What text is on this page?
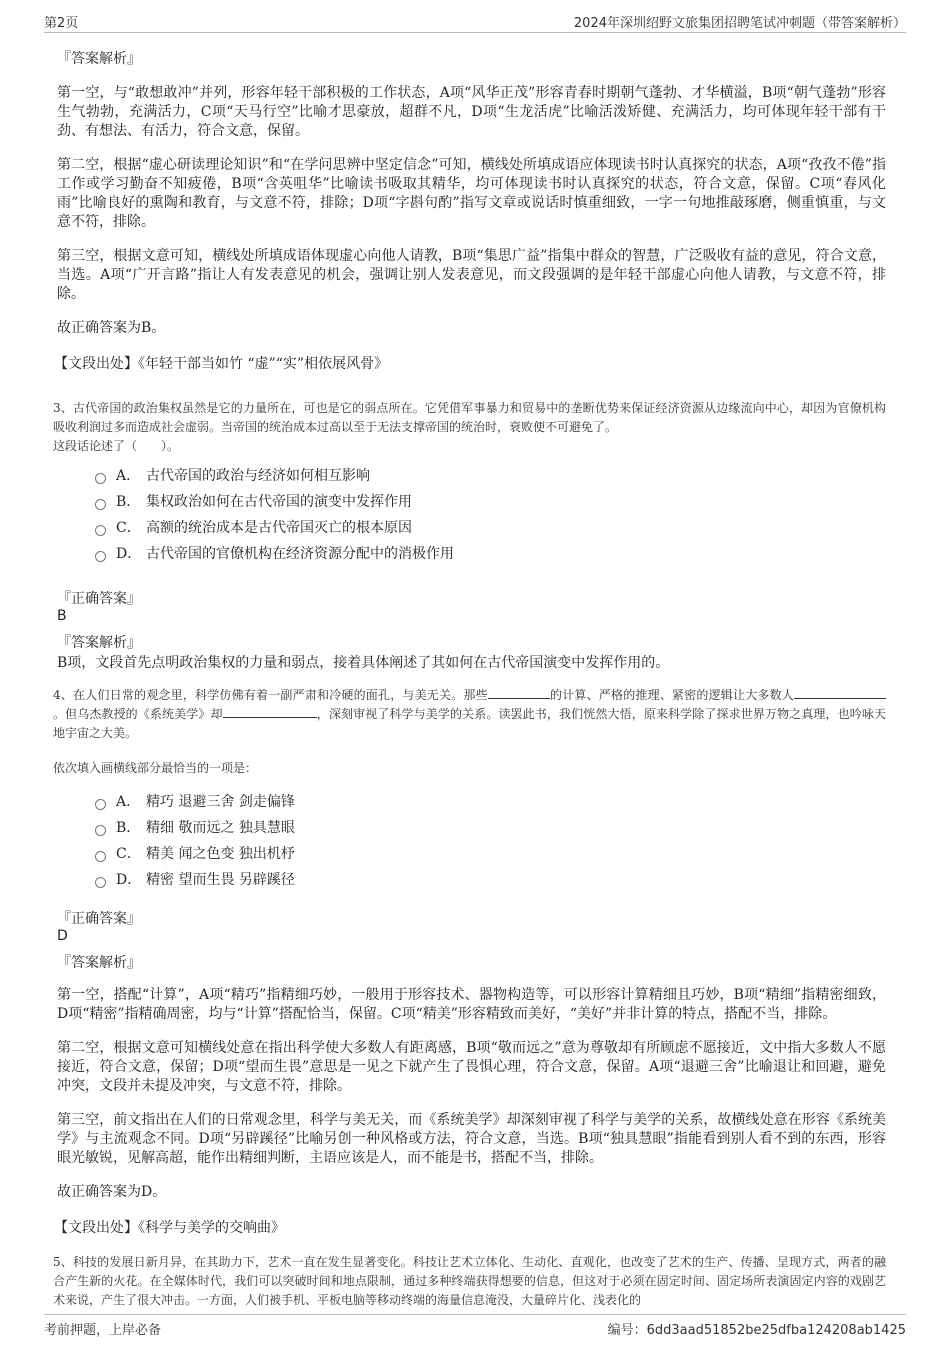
第2页	2024年深圳绍野文旅集团招聘笔试冲刺题（带答案解析）
『答案解析』

第一空，与“敢想敢冲”并列，形容年轻干部积极的工作状态，A项“风华正茂”形容青春时期朝气蓬勃、才华横溢，B项“朝气蓬勃”形容生气勃勃，充满活力，C项“天马行空”比喻才思豪放，超群不凡，D项“生龙活虎”比喻活泼矫健、充满活力，均可体现年轻干部有干劲、有想法、有活力，符合文意，保留。

第二空，根据“虚心研读理论知识”和“在学问思辨中坚定信念”可知，横线处所填成语应体现读书时认真探究的状态，A项“孜孜不倦”指工作或学习勤奋不知疲倦，B项“含英咀华”比喻读书吸取其精华，均可体现读书时认真探究的状态，符合文意，保留。C项“春风化雨”比喻良好的熏陶和教育，与文意不符，排除；D项“字斟句酌”指写文章或说话时慎重细致，一字一句地推敲琢磨，侧重慎重，与文意不符，排除。

第三空，根据文意可知，横线处所填成语体现虚心向他人请教，B项“集思广益”指集中群众的智慧，广泛吸收有益的意见，符合文意，当选。A项“广开言路”指让人有发表意见的机会，强调让别人发表意见，而文段强调的是年轻干部虚心向他人请教，与文意不符，排除。

故正确答案为B。

【文段出处】《年轻干部当如竹 “虚”“实”相依展风骨》
3、古代帝国的政治集权虽然是它的力量所在，可也是它的弱点所在。它凭借军事暴力和贸易中的垄断优势来保证经济资源从边缘流向中心，却因为官僚机构吸收利润过多而造成社会虚弱。当帝国的统治成本过高以至于无法支撑帝国的统治时，衰败便不可避免了。
这段话论述了（　　）。
A． 古代帝国的政治与经济如何相互影响
B． 集权政治如何在古代帝国的演变中发挥作用
C． 高额的统治成本是古代帝国灭亡的根本原因
D． 古代帝国的官僚机构在经济资源分配中的消极作用
『正确答案』
B
『答案解析』
B项，文段首先点明政治集权的力量和弱点，接着具体阐述了其如何在古代帝国演变中发挥作用的。
4、在人们日常的观念里，科学仿佛有着一副严肃和冷硬的面孔，与美无关。那些	的计算、严格的推理、紧密的逻辑让大多数人。但乌杰教授的《系统美学》却	，深刻审视了科学与美学的关系。读罢此书，我们恍然大悟，原来科学除了探求世界万物之真理，也吟咏天地宇宙之大美。
依次填入画横线部分最恰当的一项是：
A． 精巧 退避三舍 剑走偏锋
B． 精细 敬而远之 独具慧眼
C． 精美 闻之色变 独出机杼
D． 精密 望而生畏 另辟蹊径
『正确答案』
D
『答案解析』

第一空，搭配“计算”，A项“精巧”指精细巧妙，一般用于形容技术、器物构造等，可以形容计算精细且巧妙，B项“精细”指精密细致，D项“精密”指精确周密，均与“计算”搭配恰当，保留。C项“精美”形容精致而美好，“美好”并非计算的特点，搭配不当，排除。

第二空，根据文意可知横线处意在指出科学使大多数人有距离感，B项“敬而远之”意为尊敬却有所顾虑不愿接近，文中指大多数人不愿接近，符合文意，保留；D项“望而生畏”意思是一见之下就产生了畏惧心理，符合文意，保留。A项“退避三舍”比喻退让和回避，避免冲突，文段并未提及冲突，与文意不符，排除。

第三空，前文指出在人们的日常观念里，科学与美无关，而《系统美学》却深刻审视了科学与美学的关系，故横线处意在形容《系统美学》与主流观念不同。D项“另辟蹊径”比喻另创一种风格或方法，符合文意，当选。B项“独具慧眼”指能看到别人看不到的东西，形容眼光敏锐，见解高超，能作出精细判断，主语应该是人，而不能是书，搭配不当，排除。

故正确答案为D。

【文段出处】《科学与美学的交响曲》
5、科技的发展日新月异，在其助力下，艺术一直在发生显著变化。科技让艺术立体化、生动化、直观化，也改变了艺术的生产、传播、呈现方式，两者的融合产生新的火花。在全媒体时代，我们可以突破时间和地点限制，通过多种终端获得想要的信息，但这对于必须在固定时间、固定场所表演固定内容的戏剧艺术来说，产生了很大冲击。一方面，人们被手机、平板电脑等移动终端的海量信息淹没，大量碎片化、浅表化的
考前押题，上岸必备	编号：6dd3aad51852be25dfba124208ab1425
